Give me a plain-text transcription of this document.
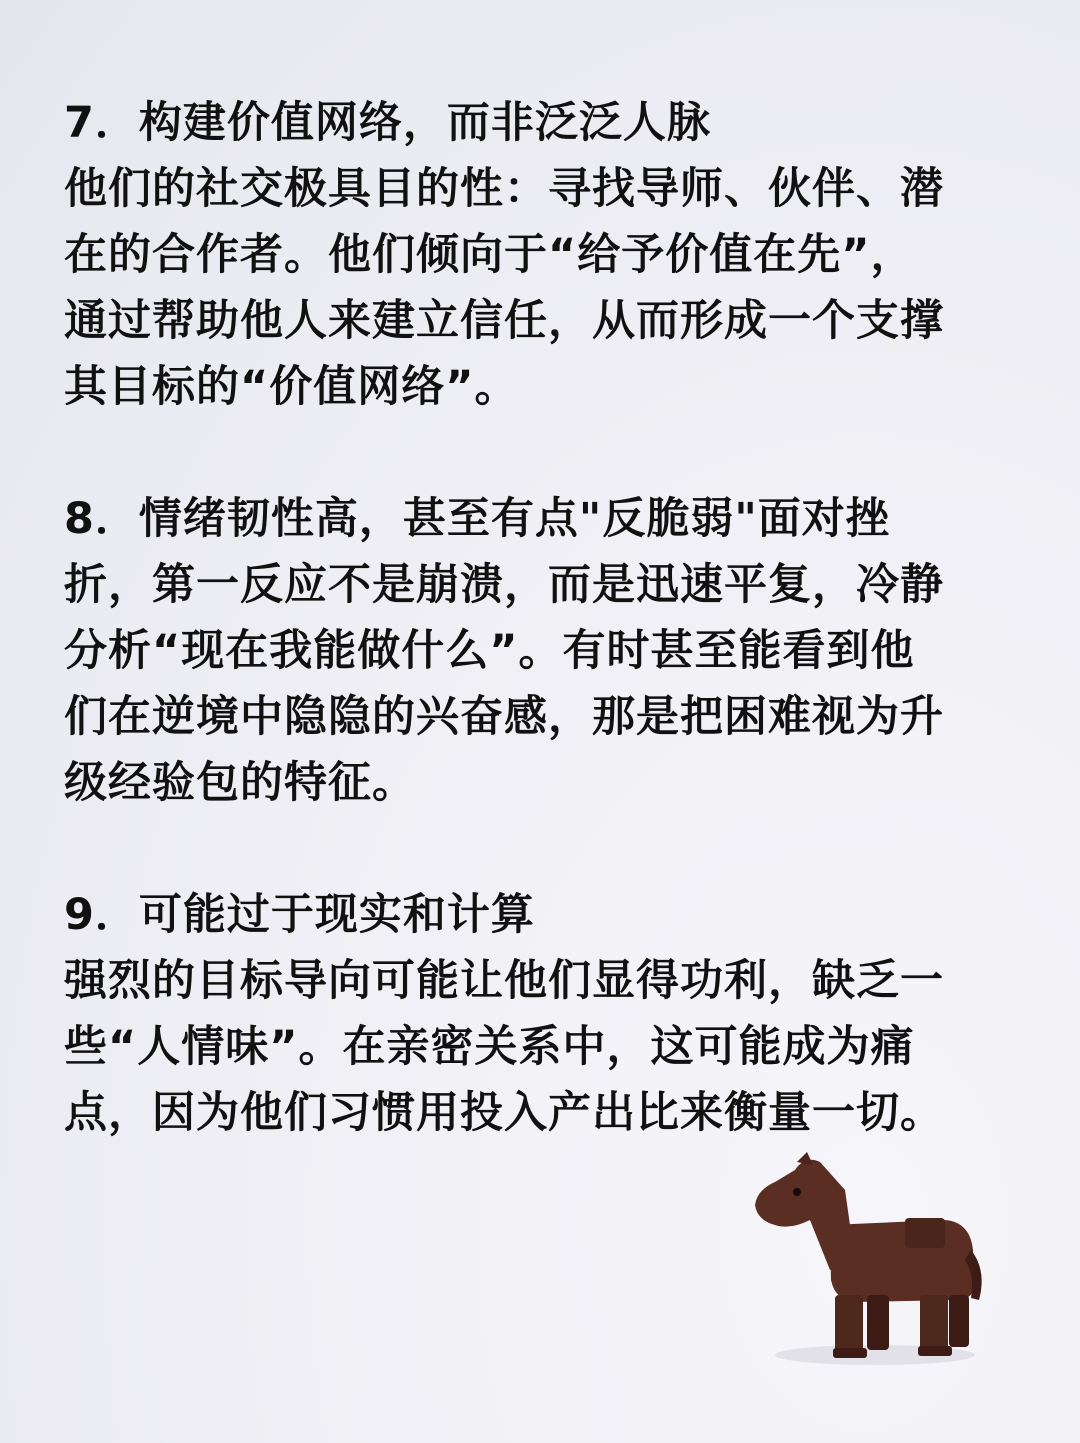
7．构建价值网络，而非泛泛人脉
他们的社交极具目的性：寻找导师、伙伴、潜
在的合作者。他们倾向于“给予价值在先”，
通过帮助他人来建立信任，从而形成一个支撑
其目标的“价值网络”。
8．情绪韧性高，甚至有点"反脆弱"面对挫
折，第一反应不是崩溃，而是迅速平复，冷静
分析“现在我能做什么”。有时甚至能看到他
们在逆境中隐隐的兴奋感，那是把困难视为升
级经验包的特征。
9．可能过于现实和计算
强烈的目标导向可能让他们显得功利，缺乏一
些“人情味”。在亲密关系中，这可能成为痛
点，因为他们习惯用投入产出比来衡量一切。
